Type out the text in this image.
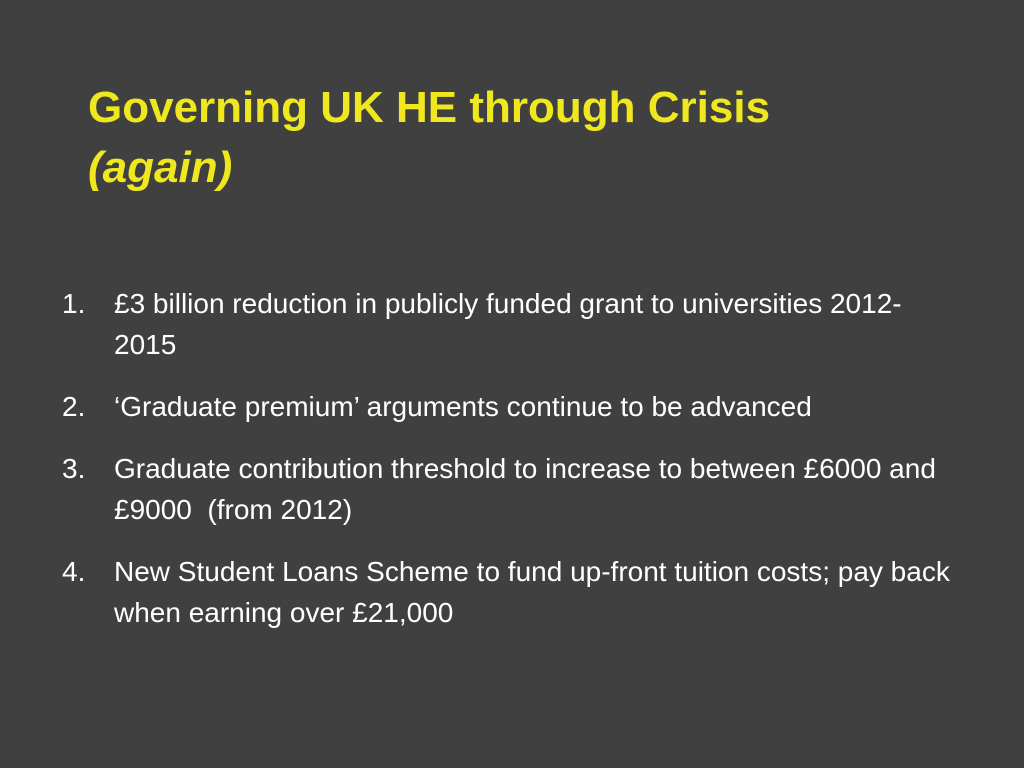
Governing UK HE through Crisis
(again)
1.	£3 billion reduction in publicly funded grant to universities 2012-2015
2.	‘Graduate premium’ arguments continue to be advanced
3.	Graduate contribution threshold to increase to between £6000 and £9000  (from 2012)
4.	New Student Loans Scheme to fund up-front tuition costs; pay back when earning over £21,000
